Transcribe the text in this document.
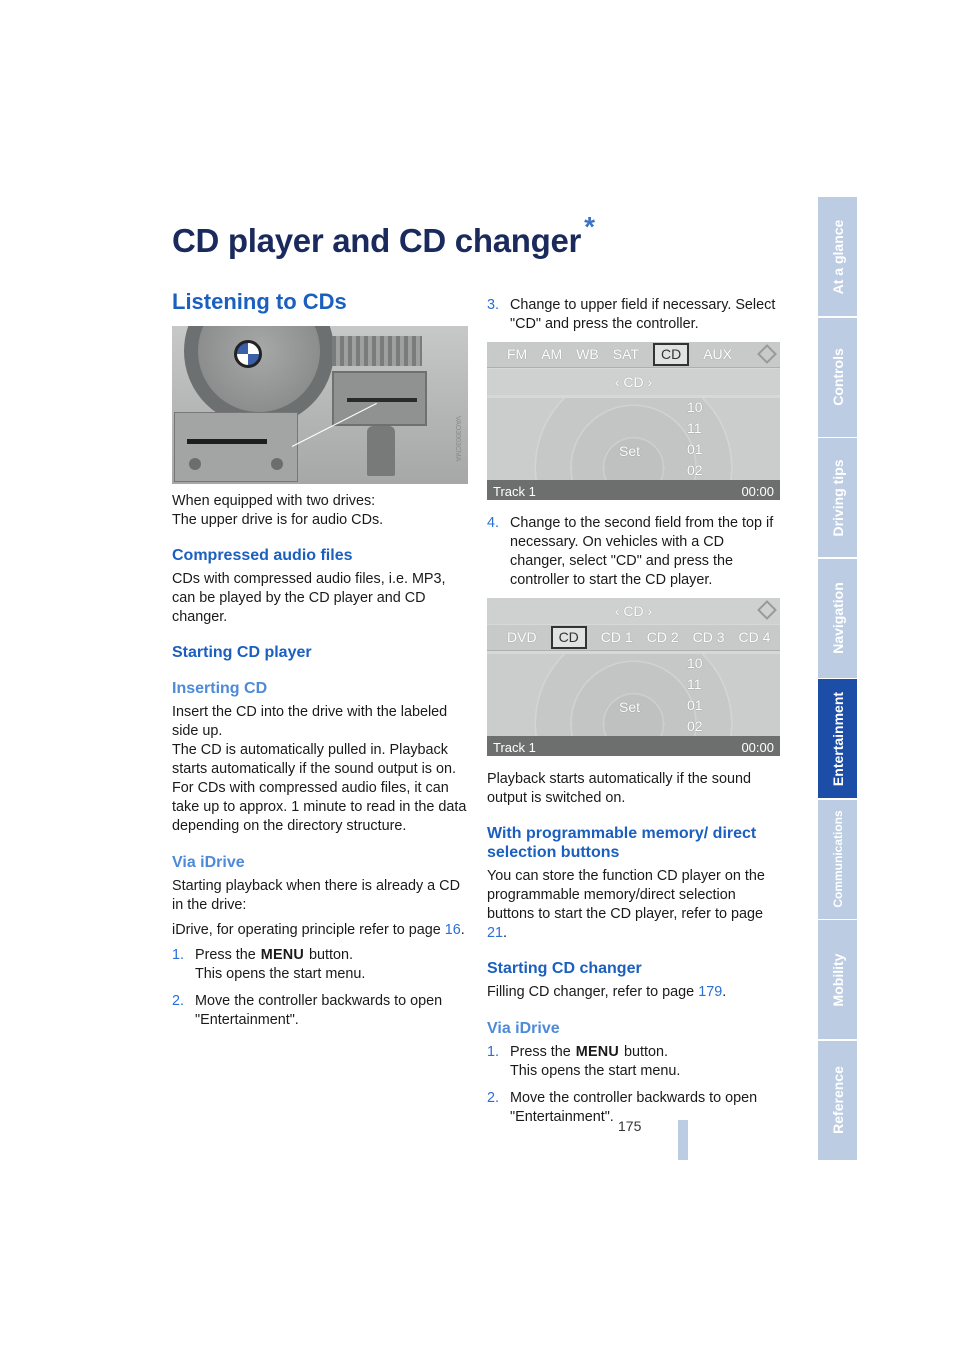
CD player and CD changer *
Listening to CDs
VAO3003CMA

When equipped with two drives:
The upper drive is for audio CDs.

Compressed audio files

CDs with compressed audio files, i.e. MP3, can be played by the CD player and CD changer.

Starting CD player
Inserting CD

Insert the CD into the drive with the labeled side up.
The CD is automatically pulled in. Playback starts automatically if the sound output is on.
For CDs with compressed audio files, it can take up to approx. 1 minute to read in the data depending on the directory structure.

Via iDrive

Starting playback when there is already a CD in the drive:

iDrive, for operating principle refer to page 16.

1. Press the MENU button.
This opens the start menu.
2. Move the controller backwards to open "Entertainment".
3. Change to upper field if necessary. Select "CD" and press the controller.
FM AM WB SAT	CD	AUX
‹ CD ›
10
11
01
02
Set
Track 1	00:00
4. Change to the second field from the top if necessary. On vehicles with a CD changer, select "CD" and press the controller to start the CD player.
‹ CD ›
DVD	CD	CD 1 CD 2 CD 3 CD 4
10
11
01
02
Set
Track 1	00:00

Playback starts automatically if the sound output is switched on.

With programmable memory/ direct selection buttons

You can store the function CD player on the programmable memory/direct selection buttons to start the CD player, refer to page 21.

Starting CD changer

Filling CD changer, refer to page 179.

Via iDrive
1. Press the MENU button.
This opens the start menu.
2. Move the controller backwards to open "Entertainment".
At a glance
Controls
Driving tips
Navigation
Entertainment
Communications
Mobility
Reference
175
